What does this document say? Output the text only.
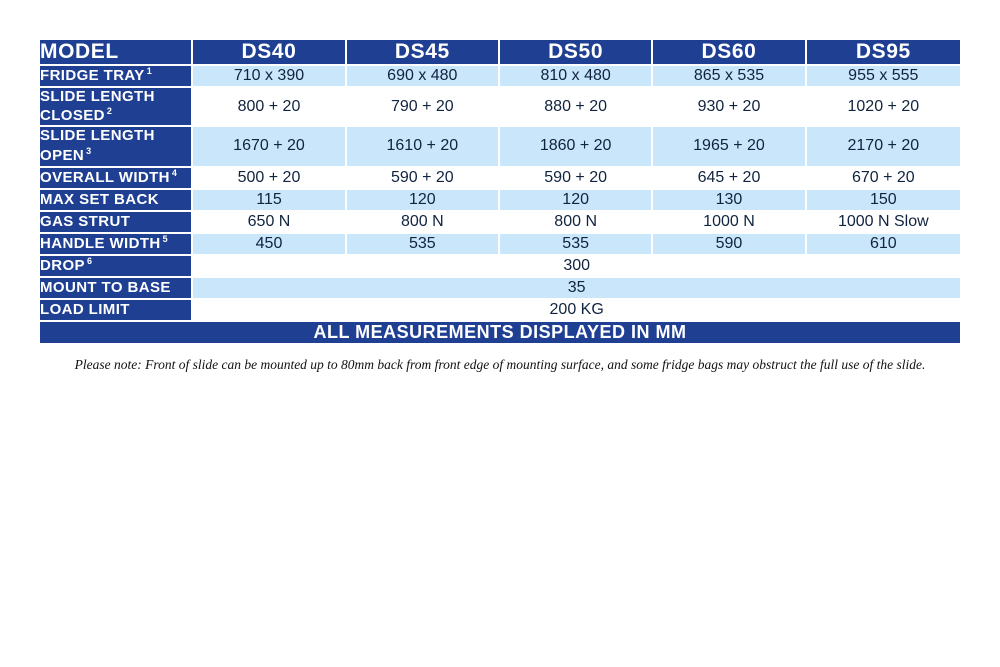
MODEL	DS40	DS45	DS50	DS60	DS95
FRIDGE TRAY $^1$	710 x 390	690 x 480	810 x 480	865 x 535	955 x 555
SLIDE LENGTH CLOSED $^2$	800 + 20	790 + 20	880 + 20	930 + 20	1020 + 20
SLIDE LENGTH OPEN $^3$	1670 + 20	1610 + 20	1860 + 20	1965 + 20	2170 + 20
OVERALL WIDTH $^4$	500 + 20	590 + 20	590 + 20	645 + 20	670 + 20
MAX SET BACK	115	120	120	130	150
GAS STRUT	650 N	800 N	800 N	1000 N	1000 N Slow
HANDLE WIDTH $^5$	450	535	535	590	610
DROP $^6$	300				
MOUNT TO BASE	35				
LOAD LIMIT	200 KG				
ALL MEASUREMENTS DISPLAYED IN MM					
Please note: Front of slide can be mounted up to 80mm back from front edge of mounting surface, and some fridge bags may obstruct the full use of the slide.
